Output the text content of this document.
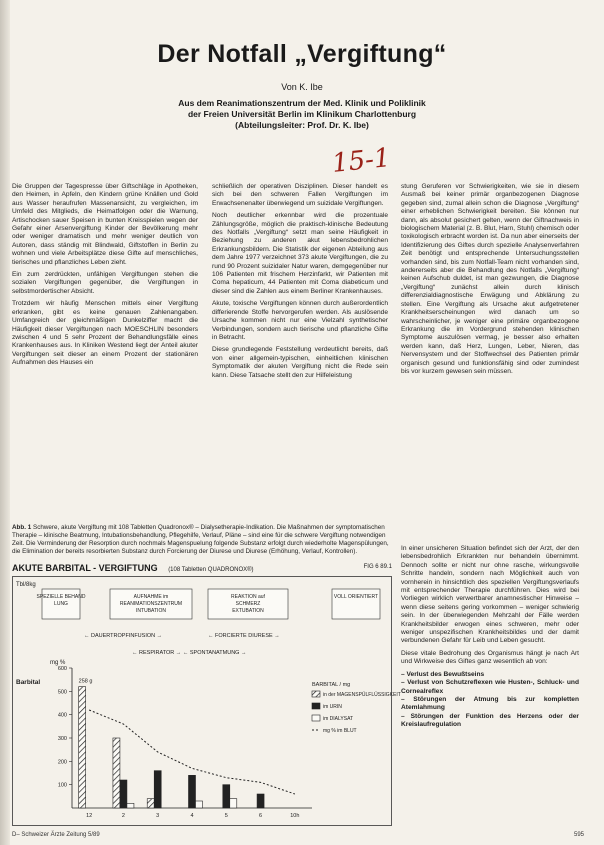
Der Notfall „Vergiftung“
Von K. Ibe
Aus dem Reanimationszentrum der Med. Klinik und Poliklinik
der Freien Universität Berlin im Klinikum Charlottenburg
(Abteilungsleiter: Prof. Dr. K. Ibe)
15-1

Die Gruppen der Tagespresse über Giftschläge in Apotheken, den Heimen, in Apfeln, den Kindern grüne Knällen und Gold aus Wasser heraufrufen Massenansicht, zu vergleichen, im Umfeld des Mitglieds, die Heimatfolgen oder die Warnung, Artischocken sauer Speisen in bunten Kreisspielen wegen der Gefahr einer Arsenvergiftung Kinder der Bevölkerung mehr oder weniger dramatisch und mehr weniger deutlich von Autoren, dass ständig mit Blindwald, Giftstoffen in Berlin zu wohnen und viele Arbeitsplätze diese Gifte auf menschliches, tierisches und pflanzliches Leben zieht.

Ein zum zerdrückten, unfähigen Vergiftungen stehen die sozialen Vergiftungen gegenüber, die Vergiftungen in selbstmordertischer Absicht.

Trotzdem wir häufig Menschen mittels einer Vergiftung erkranken, gibt es keine genauen Zahlenangaben. Umfangreich der gleichmäßigen Dunkelziffer macht die Häufigkeit dieser Vergiftungen nach MOESCHLIN besonders zwischen 4 und 5 sehr Prozent der Behandlungsfälle eines Krankenhauses aus. In Kliniken Westend liegt der Anteil akuter Vergiftungen seit dieser an einem Prozent der stationären Aufnahmen des Hauses ein

schließlich der operativen Disziplinen. Dieser handelt es sich bei den schweren Fallen Vergiftungen im Erwachsenenalter überwiegend um suizidale Vergiftungen.

Noch deutlicher erkennbar wird die prozentuale Zählungsgröße, möglich die praktisch-klinische Bedeutung des Notfalls „Vergiftung“ setzt man seine Häufigkeit in Beziehung zu anderen akut lebensbedrohlichen Erkrankungsbildern. Die Statistik der eigenen Abteilung aus dem Jahre 1977 verzeichnet 373 akute Vergiftungen, die zu rund 90 Prozent suizidaler Natur waren, demgegenüber nur 106 Patienten mit frischem Herzinfarkt, wir Patienten mit Coma hepaticum, 44 Patienten mit Coma diabeticum und dieser sind die Zahlen aus einem Berliner Krankenhauses.

Akute, toxische Vergiftungen können durch außerordentlich differierende Stoffe hervorgerufen werden. Als auslösende Ursache kommen nicht nur eine Vielzahl synthetischer Verbindungen, sondern auch tierische und pflanzliche Gifte in Betracht.

Diese grundlegende Feststellung verdeutlicht bereits, daß von einer allgemein-typischen, einheitlichen klinischen Symptomatik der akuten Vergiftung nicht die Rede sein kann. Diese Tatsache stellt den zur Hilfeleistung

stung Geruferen vor Schwierigkeiten, wie sie in diesem Ausmaß bei keiner primär organbezogenen Diagnose gegeben sind, zumal allein schon die Diagnose „Vergiftung“ einer erheblichen Schwierigkeit bereiten. Sie können nur dann, als absolut gesichert gelten, wenn der Giftnachweis in biologischem Material (z. B. Blut, Harn, Stuhl) chemisch oder toxikologisch erbracht worden ist. Da nun aber einerseits der Identifizierung des Giftes durch spezielle Analysenverfahren Zeit benötigt und entsprechende Untersuchungsstellen vorhanden sind, bis zum Notfall-Team nicht vorhanden sind, andererseits aber die Behandlung des Notfalls „Vergiftung“ keinen Aufschub duldet, ist man gezwungen, die Diagnose „Vergiftung“ zunächst allein durch klinisch differenzialdiagnostische Erwägung und Abklärung zu stellen. Eine Vergiftung als Ursache akut aufgetretener Krankheitserscheinungen wird danach um so wahrscheinlicher, je weniger eine primäre organbezogene Erkrankung die im Vordergrund stehenden klinischen Symptome auszulösen vermag, je besser also erhalten werden kann, daß Herz, Lungen, Leber, Nieren, das Nervensystem und der Stoffwechsel des Patienten primär organisch gesund und funktionsfähig sind oder zumindest bis vor kurzem gewesen sein müssen.

In einer unsicheren Situation befindet sich der Arzt, der den lebensbedrohlich Erkrankten nur behandeln übernimmt. Dennoch sollte er nicht nur ohne rasche, wirkungsvolle Schritte handeln, sondern nach Möglichkeit auch von vornherein in hinsichtlich des speziellen Vergiftungsverlaufs mit entsprechender Therapie durchführen. Dies wird bei Vorliegen wirklich verwertbarer anamnestischer Hinweise – wenn diese seitens gering vorkommen – weniger schwierig sein. In der überwiegenden Mehrzahl der Fälle werden Krankheitsbilder erwogen eines schweren, mehr oder weniger unspezifischen Krankheitsbildes und der damit verbundenen Gefahr für Leib und Leben gesucht.

Diese vitale Bedrohung des Organismus hängt je nach Art und Wirkweise des Giftes ganz wesentlich ab von:

– Verlust des Bewußtseins
– Verlust von Schutzreflexen wie Husten-, Schluck- und Cornealreflex
– Störungen der Atmung bis zur kompletten Atemlahmung
– Störungen der Funktion des Herzens oder der Kreislaufregulation
Abb. 1 Schwere, akute Vergiftung mit 108 Tabletten Quadronox® – Dialysetherapie-Indikation. Die Maßnahmen der symptomatischen Therapie – klinische Beatmung, Intubationsbehandlung, Pflegehilfe, Verlauf, Pläne – sind eine für die schwere Vergiftung notwendigen Zeit. Die Verminderung der Resorption durch nochmals Magenspuelung folgende Substanz erfolgt durch wiederholte Magenspülungen, die Elimination der bereits resorbierten Substanz durch Forcierung der Diurese und Diurese (Erhöhung, Verlauf, Kontrollen).
AKUTE BARBITAL - VERGIFTUNG (108 Tabletten QUADRONOX®)	FIG 6 89.1
Tbl/8kg
SPEZIELLE BEHAND
LUNG
AUFNAHME im
REANIMATIONSZENTRUM
INTUBATION
REAKTION auf
SCHMERZ
EXTUBATION
VOLL ORIENTIERT
← DAUERTROPFINFUSION →	← FORCIERTE DIURESE →
← RESPIRATOR → ← SPONTANATMUNG →
mg %
Barbital
100
200
300
400
500
600
12	2	3	4	5	6	10h
258 g
BARBITAL / mg
in der MAGENSPÜLFLÜSSIGKEIT
im URIN
im DIALYSAT
mg % im BLUT
D– Schweizer Ärzte Zeitung 5/89	595
